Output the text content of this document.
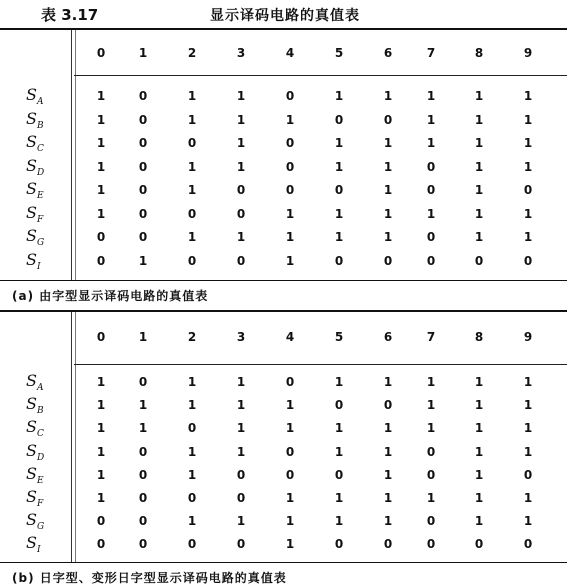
表 3.17	显示译码电路的真值表
0	1	2	3	4	5	6	7	8	9
$S_A$	1	0	1	1	0	1	1	1	1	1
$S_B$	1	0	1	1	1	0	0	1	1	1
$S_C$	1	0	0	1	0	1	1	1	1	1
$S_D$	1	0	1	1	0	1	1	0	1	1
$S_E$	1	0	1	0	0	0	1	0	1	0
$S_F$	1	0	0	0	1	1	1	1	1	1
$S_G$	0	0	1	1	1	1	1	0	1	1
$S_I$	0	1	0	0	1	0	0	0	0	0
(a) 由字型显示译码电路的真值表
0	1	2	3	4	5	6	7	8	9
$S_A$	1	0	1	1	0	1	1	1	1	1
$S_B$	1	1	1	1	1	0	0	1	1	1
$S_C$	1	1	0	1	1	1	1	1	1	1
$S_D$	1	0	1	1	0	1	1	0	1	1
$S_E$	1	0	1	0	0	0	1	0	1	0
$S_F$	1	0	0	0	1	1	1	1	1	1
$S_G$	0	0	1	1	1	1	1	0	1	1
$S_I$	0	0	0	0	1	0	0	0	0	0
(b) 日字型、变形日字型显示译码电路的真值表
